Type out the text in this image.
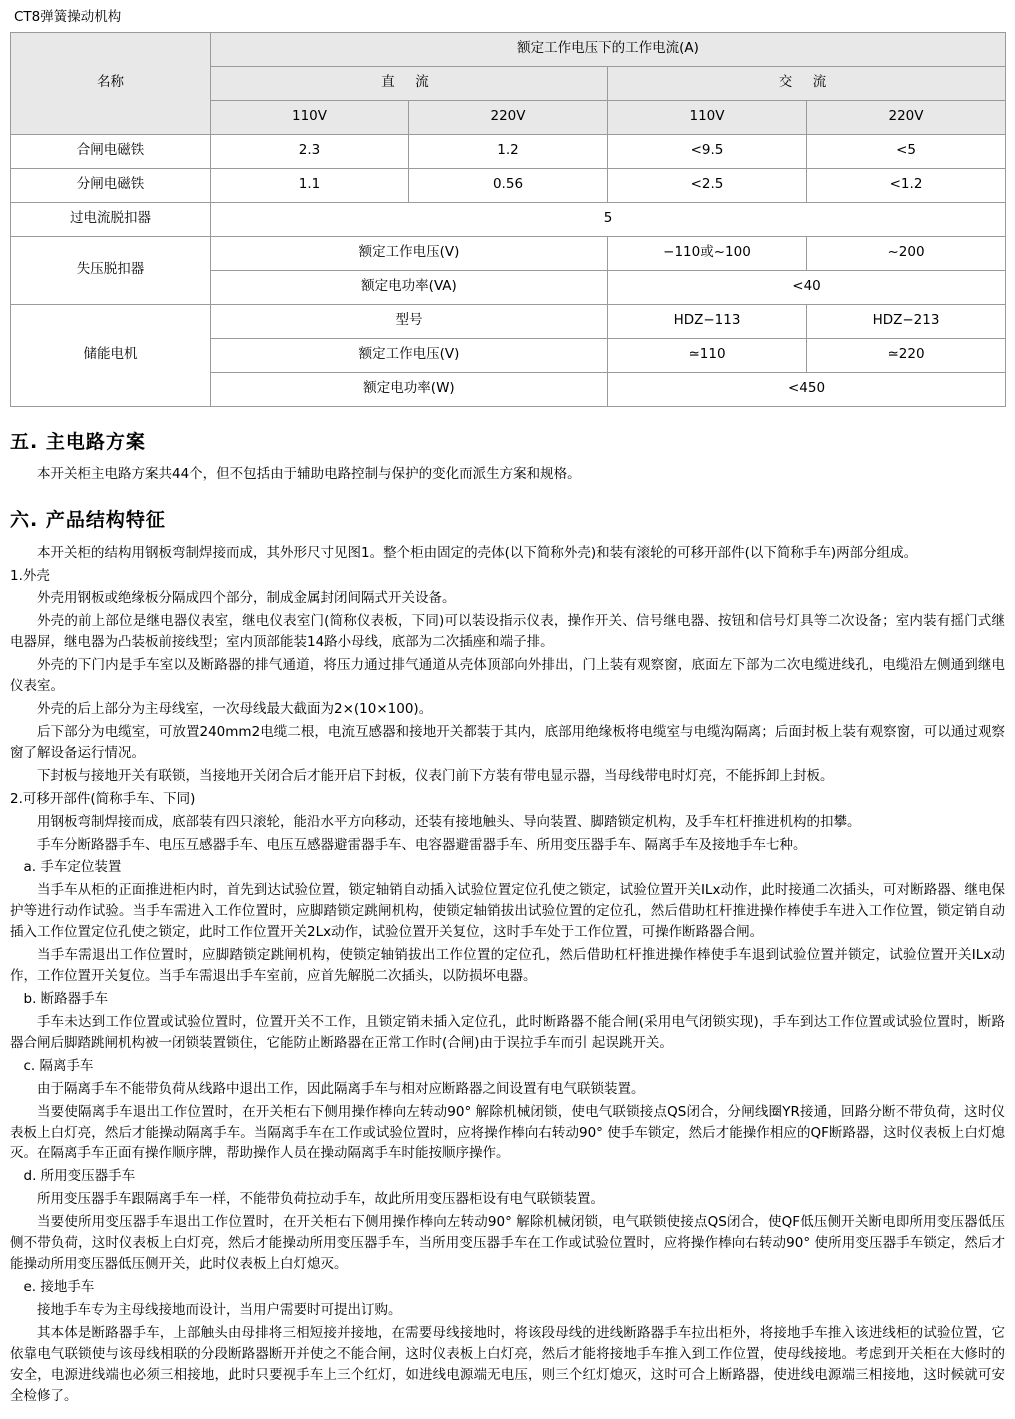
CT8弹簧操动机构
名称	额定工作电压下的工作电流(A)			
	直 流		交 流	
	110V	220V	110V	220V
合闸电磁铁	2.3	1.2	<9.5	<5
分闸电磁铁	1.1	0.56	<2.5	<1.2
过电流脱扣器	5			
失压脱扣器	额定工作电压(V)		−110或~100	~200
	额定电功率(VA)		<40	
储能电机	型号		HDZ−113	HDZ−213
	额定工作电压(V)		≃110	≃220
	额定电功率(W)		<450	
五. 主电路方案

本开关柜主电路方案共44个，但不包括由于辅助电路控制与保护的变化而派生方案和规格。

六. 产品结构特征

本开关柜的结构用钢板弯制焊接而成，其外形尺寸见图1。整个柜由固定的壳体(以下简称外壳)和装有滚轮的可移开部件(以下简称手车)两部分组成。

1.外壳

外壳用钢板或绝缘板分隔成四个部分，制成金属封闭间隔式开关设备。

外壳的前上部位是继电器仪表室，继电仪表室门(简称仪表板，下同)可以装设指示仪表，操作开关、信号继电器、按钮和信号灯具等二次设备；室内装有摇门式继电器屏，继电器为凸装板前接线型；室内顶部能装14路小母线，底部为二次插座和端子排。

外壳的下门内是手车室以及断路器的排气通道，将压力通过排气通道从壳体顶部向外排出，门上装有观察窗，底面左下部为二次电缆进线孔，电缆沿左侧通到继电仪表室。

外壳的后上部分为主母线室，一次母线最大截面为2×(10×100)。

后下部分为电缆室，可放置240mm2电缆二根，电流互感器和接地开关都装于其内，底部用绝缘板将电缆室与电缆沟隔离；后面封板上装有观察窗，可以通过观察窗了解设备运行情况。

下封板与接地开关有联锁，当接地开关闭合后才能开启下封板，仪表门前下方装有带电显示器，当母线带电时灯亮，不能拆卸上封板。

2.可移开部件(简称手车、下同)

用钢板弯制焊接而成，底部装有四只滚轮，能沿水平方向移动，还装有接地触头、导向装置、脚踏锁定机构，及手车杠杆推进机构的扣攀。

手车分断路器手车、电压互感器手车、电压互感器避雷器手车、电容器避雷器手车、所用变压器手车、隔离手车及接地手车七种。

a. 手车定位装置

当手车从柜的正面推进柜内时，首先到达试验位置，锁定轴销自动插入试验位置定位孔使之锁定，试验位置开关ILx动作，此时接通二次插头，可对断路器、继电保护等进行动作试验。当手车需进入工作位置时，应脚踏锁定跳闸机构，使锁定轴销拔出试验位置的定位孔，然后借助杠杆推进操作棒使手车进入工作位置，锁定销自动插入工作位置定位孔使之锁定，此时工作位置开关2Lx动作，试验位置开关复位，这时手车处于工作位置，可操作断路器合闸。

当手车需退出工作位置时，应脚踏锁定跳闸机构，使锁定轴销拔出工作位置的定位孔，然后借助杠杆推进操作棒使手车退到试验位置并锁定，试验位置开关ILx动作，工作位置开关复位。当手车需退出手车室前，应首先解脱二次插头，以防损坏电器。

b. 断路器手车

手车未达到工作位置或试验位置时，位置开关不工作，且锁定销未插入定位孔，此时断路器不能合闸(采用电气闭锁实现)，手车到达工作位置或试验位置时，断路器合闸后脚踏跳闸机构被一闭锁装置锁住，它能防止断路器在正常工作时(合闸)由于误拉手车而引 起误跳开关。

c. 隔离手车

由于隔离手车不能带负荷从线路中退出工作，因此隔离手车与相对应断路器之间设置有电气联锁装置。

当要使隔离手车退出工作位置时，在开关柜右下侧用操作棒向左转动90° 解除机械闭锁，使电气联锁接点QS闭合，分闸线圈YR接通，回路分断不带负荷，这时仪表板上白灯亮，然后才能操动隔离手车。当隔离手车在工作或试验位置时，应将操作棒向右转动90° 使手车锁定，然后才能操作相应的QF断路器，这时仪表板上白灯熄灭。在隔离手车正面有操作顺序牌，帮助操作人员在操动隔离手车时能按顺序操作。

d. 所用变压器手车

所用变压器手车跟隔离手车一样，不能带负荷拉动手车，故此所用变压器柜设有电气联锁装置。

当要使所用变压器手车退出工作位置时，在开关柜右下侧用操作棒向左转动90° 解除机械闭锁，电气联锁使接点QS闭合，使QF低压侧开关断电即所用变压器低压侧不带负荷，这时仪表板上白灯亮，然后才能操动所用变压器手车，当所用变压器手车在工作或试验位置时，应将操作棒向右转动90° 使所用变压器手车锁定，然后才能操动所用变压器低压侧开关，此时仪表板上白灯熄灭。

e. 接地手车

接地手车专为主母线接地而设计，当用户需要时可提出订购。

其本体是断路器手车，上部触头由母排将三相短接并接地，在需要母线接地时，将该段母线的进线断路器手车拉出柜外，将接地手车推入该进线柜的试验位置，它依靠电气联锁使与该母线相联的分段断路器断开并使之不能合闸，这时仪表板上白灯亮，然后才能将接地手车推入到工作位置，使母线接地。考虑到开关柜在大修时的安全，电源进线端也必须三相接地，此时只要视手车上三个红灯，如进线电源端无电压，则三个红灯熄灭，这时可合上断路器，使进线电源端三相接地，这时候就可安全检修了。
